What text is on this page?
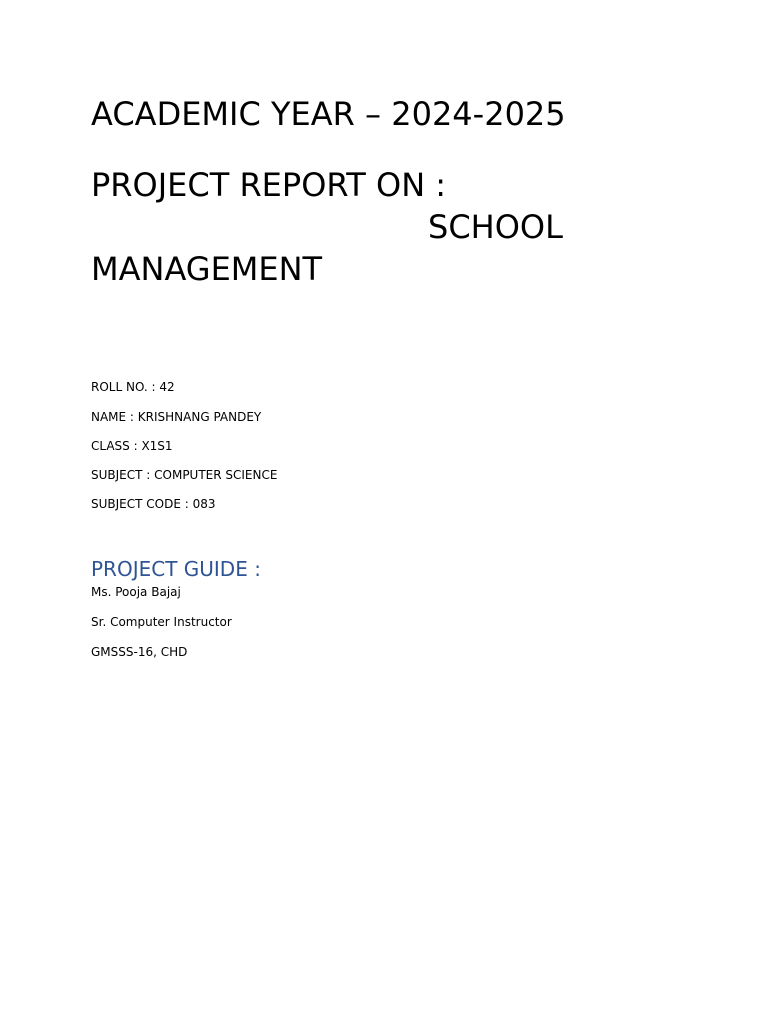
ACADEMIC YEAR – 2024-2025
PROJECT REPORT ON :
SCHOOL
MANAGEMENT

ROLL NO. : 42

NAME : KRISHNANG PANDEY

CLASS : X1S1

SUBJECT : COMPUTER SCIENCE

SUBJECT CODE : 083

PROJECT GUIDE :

Ms. Pooja Bajaj

Sr. Computer Instructor

GMSSS-16, CHD
